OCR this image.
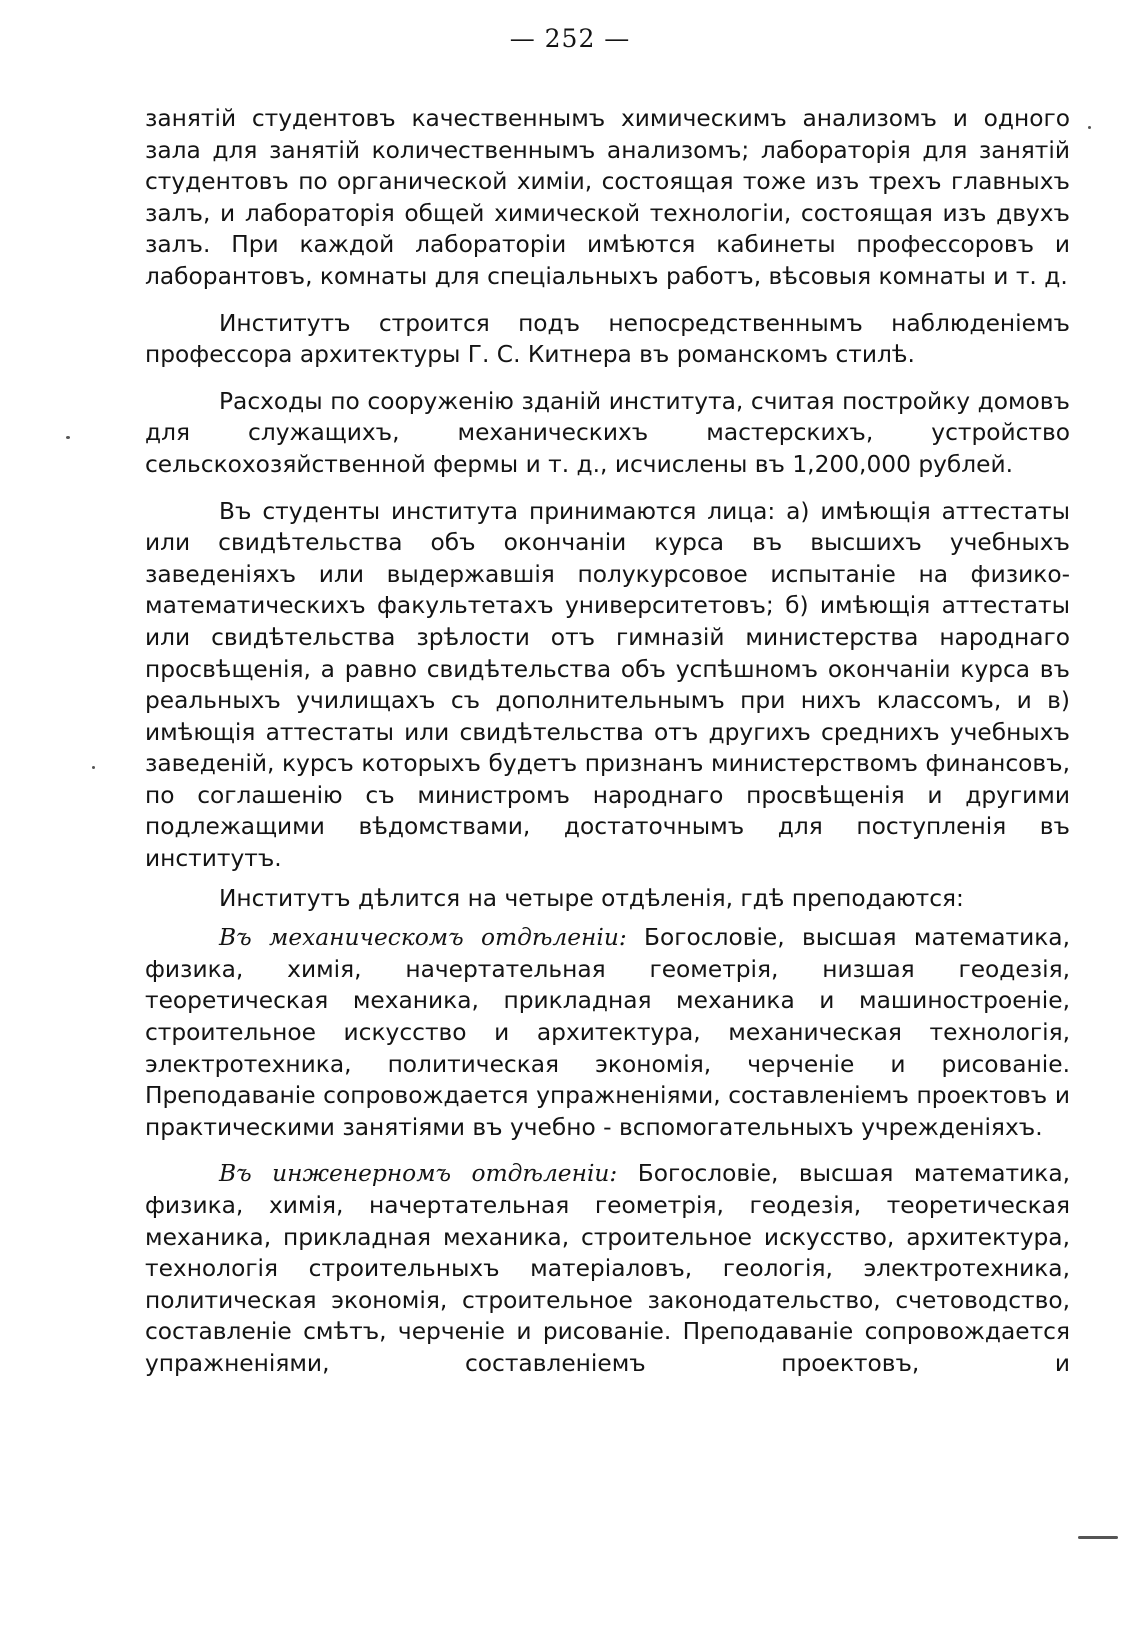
— 252 —

занятій студентовъ качественнымъ химическимъ анализомъ и одного зала для занятій количественнымъ анализомъ; лабораторія для занятій студентовъ по органической химіи, состоящая тоже изъ трехъ главныхъ залъ, и лабораторія общей химической технологіи, состоящая изъ двухъ залъ. При каждой лабораторіи имѣются кабинеты профессоровъ и лаборантовъ, комнаты для спеціальныхъ работъ, вѣсовыя комнаты и т. д.

Институтъ строится подъ непосредственнымъ наблюденіемъ профессора архитектуры Г. С. Китнера въ романскомъ стилѣ.

Расходы по сооруженію зданій института, считая постройку домовъ для служащихъ, механическихъ мастерскихъ, устройство сельскохозяйственной фермы и т. д., исчислены въ 1,200,000 рублей.

Въ студенты института принимаются лица: а) имѣющія аттестаты или свидѣтельства объ окончаніи курса въ высшихъ учебныхъ заведеніяхъ или выдержавшія полукурсовое испытаніе на физико-математическихъ факультетахъ университетовъ; б) имѣющія аттестаты или свидѣтельства зрѣлости отъ гимназій министерства народнаго просвѣщенія, а равно свидѣтельства объ успѣшномъ окончаніи курса въ реальныхъ училищахъ съ дополнительнымъ при нихъ классомъ, и в) имѣющія аттестаты или свидѣтельства отъ другихъ среднихъ учебныхъ заведеній, курсъ которыхъ будетъ признанъ министерствомъ финансовъ, по соглашенію съ министромъ народнаго просвѣщенія и другими подлежащими вѣдомствами, достаточнымъ для поступленія въ институтъ.

Институтъ дѣлится на четыре отдѣленія, гдѣ преподаются:

Въ механическомъ отдѣленіи: Богословіе, высшая математика, физика, химія, начертательная геометрія, низшая геодезія, теоретическая механика, прикладная механика и машиностроеніе, строительное искусство и архитектура, механическая технологія, электротехника, политическая экономія, черченіе и рисованіе. Преподаваніе сопровождается упражненіями, составленіемъ проектовъ и практическими занятіями въ учебно - вспомогательныхъ учрежденіяхъ.

Въ инженерномъ отдѣленіи: Богословіе, высшая математика, физика, химія, начертательная геометрія, геодезія, теоретическая механика, прикладная механика, строительное искусство, архитектура, технологія строительныхъ матеріаловъ, геологія, электротехника, политическая экономія, строительное законодательство, счетоводство, составленіе смѣтъ, черченіе и рисованіе. Преподаваніе сопровождается упражненіями, составленіемъ проектовъ, и
